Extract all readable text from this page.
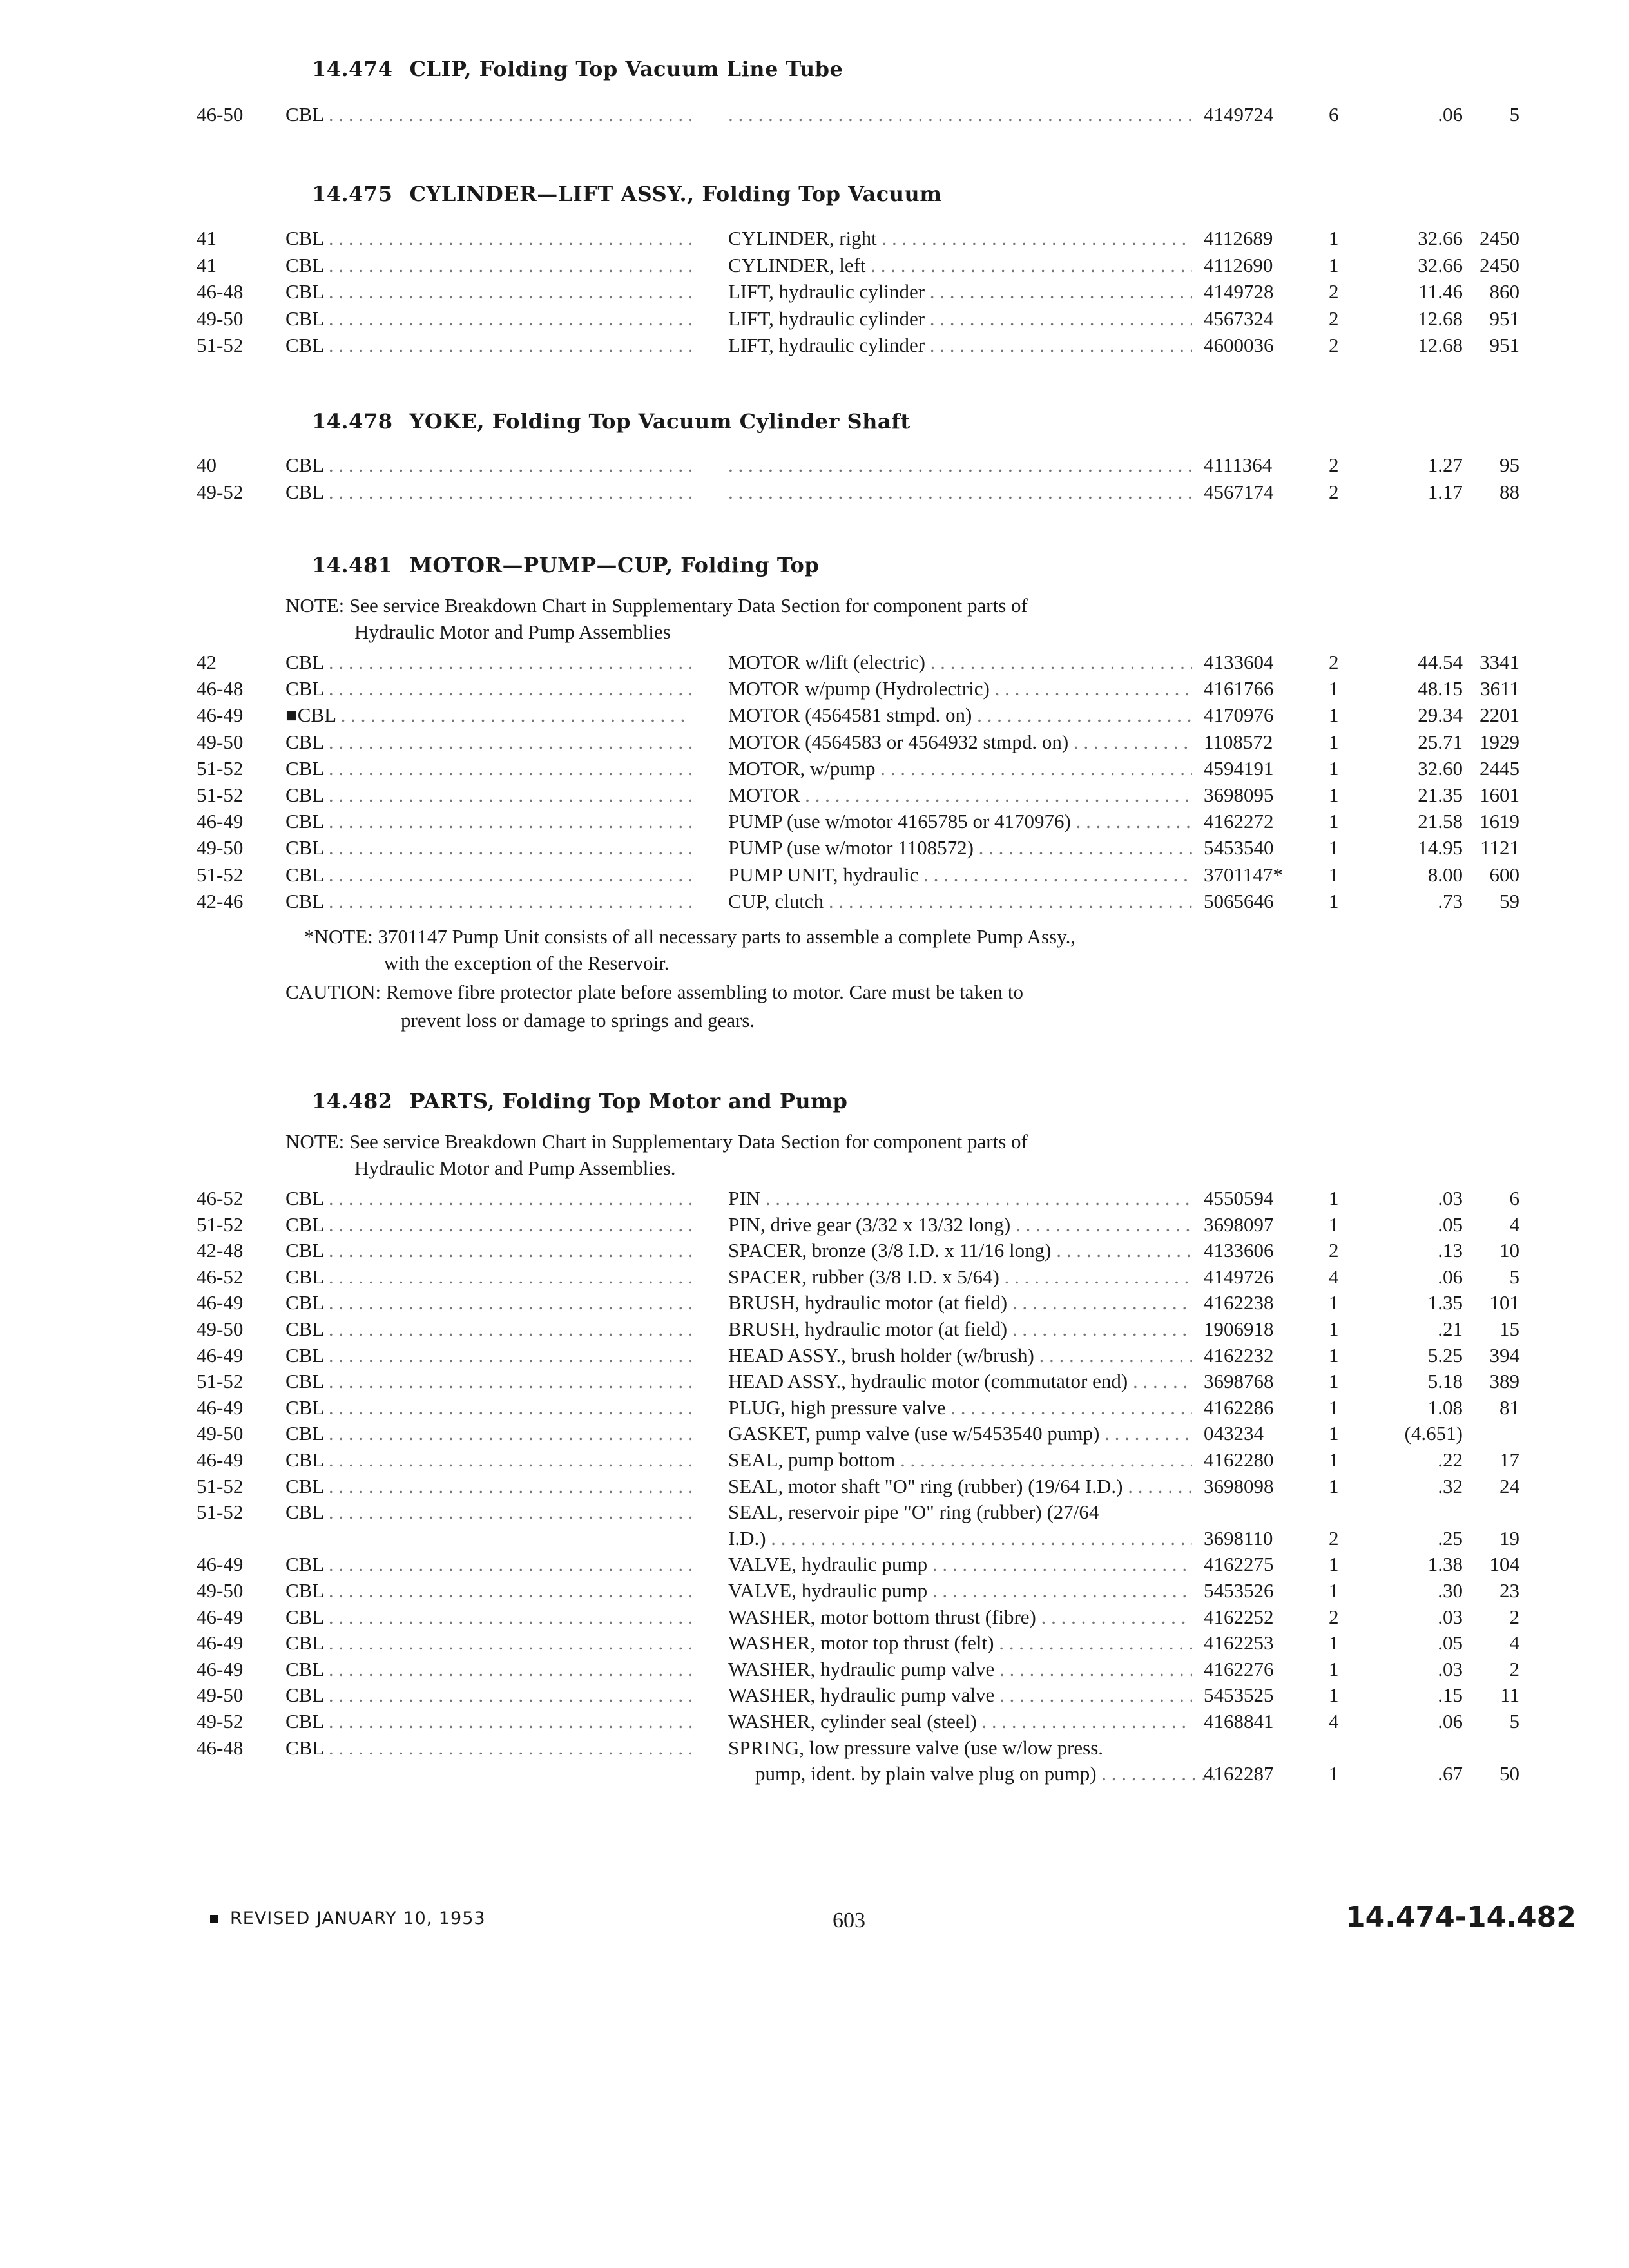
14.474 CLIP, Folding Top Vacuum Line Tube
46-50 CBL . . . . . .	4149724	6	.06	5
14.475 CYLINDER—LIFT ASSY., Folding Top Vacuum
41	CBL . . .	CYLINDER, right . . .	4112689	1	32.66 2450
41	CBL . . .	CYLINDER, left . . .	4112690	1	32.66 2450
46-48 CBL . . .	LIFT, hydraulic cylinder . . .	4149728	2	11.46	860
49-50 CBL . . .	LIFT, hydraulic cylinder . . .	4567324	2	12.68	951
51-52 CBL . . .	LIFT, hydraulic cylinder . . .	4600036	2	12.68	951
14.478 YOKE, Folding Top Vacuum Cylinder Shaft
40	CBL . . . . . .	4111364	2	1.27	95
49-52 CBL . . . . . .	4567174	2	1.17	88
14.481 MOTOR—PUMP—CUP, Folding Top
NOTE: See service Breakdown Chart in Supplementary Data Section for component parts of
Hydraulic Motor and Pump Assemblies
42	CBL . . .	MOTOR w/lift (electric) . . .	4133604	2	44.54 3341
46-48 CBL . . .	MOTOR w/pump (Hydrolectric) . . .	4161766	1	48.15 3611
46-49 ■CBL . . .	MOTOR (4564581 stmpd. on) . . .	4170976	1	29.34 2201
49-50 CBL . . .	MOTOR (4564583 or 4564932 stmpd. on) . . .	1108572	1	25.71 1929
51-52 CBL . . .	MOTOR, w/pump . . .	4594191	1	32.60 2445
51-52 CBL . . .	MOTOR . . .	3698095	1	21.35 1601
46-49 CBL . . .	PUMP (use w/motor 4165785 or 4170976) . . .	4162272	1	21.58 1619
49-50 CBL . . .	PUMP (use w/motor 1108572) . . .	5453540	1	14.95 1121
51-52 CBL . . .	PUMP UNIT, hydraulic . . .	3701147* 1	8.00	600
42-46 CBL . . .	CUP, clutch . . .	5065646	1	.73	59
*NOTE: 3701147 Pump Unit consists of all necessary parts to assemble a complete Pump Assy.,
with the exception of the Reservoir.
CAUTION: Remove fibre protector plate before assembling to motor. Care must be taken to
prevent loss or damage to springs and gears.
14.482 PARTS, Folding Top Motor and Pump
NOTE: See service Breakdown Chart in Supplementary Data Section for component parts of
Hydraulic Motor and Pump Assemblies.
46-52 CBL . . .	PIN . . .	4550594	1	.03	6
51-52 CBL . . .	PIN, drive gear (3/32 x 13/32 long) . . .	3698097	1	.05	4
42-48 CBL . . .	SPACER, bronze (3/8 I.D. x 11/16 long) . . .	4133606	2	.13	10
46-52 CBL . . .	SPACER, rubber (3/8 I.D. x 5/64) . . .	4149726	4	.06	5
46-49 CBL . . .	BRUSH, hydraulic motor (at field) . . .	4162238	1	1.35	101
49-50 CBL . . .	BRUSH, hydraulic motor (at field) . . .	1906918	1	.21	15
46-49 CBL . . .	HEAD ASSY., brush holder (w/brush) . . .	4162232	1	5.25	394
51-52 CBL . . .	HEAD ASSY., hydraulic motor (commutator end) . . .	3698768	1	5.18	389
46-49 CBL . . .	PLUG, high pressure valve . . .	4162286	1	1.08	81
49-50 CBL . . .	GASKET, pump valve (use w/5453540 pump) . . .	043234	1	(4.651)
46-49 CBL . . .	SEAL, pump bottom . . .	4162280	1	.22	17
51-52 CBL . . .	SEAL, motor shaft "O" ring (rubber) (19/64 I.D.) . . .	3698098	1	.32	24
51-52 CBL . . .	SEAL, reservoir pipe "O" ring (rubber) (27/64
I.D.) . . .	3698110	2	.25	19
46-49 CBL . . .	VALVE, hydraulic pump . . .	4162275	1	1.38	104
49-50 CBL . . .	VALVE, hydraulic pump . . .	5453526	1	.30	23
46-49 CBL . . .	WASHER, motor bottom thrust (fibre) . . .	4162252	2	.03	2
46-49 CBL . . .	WASHER, motor top thrust (felt) . . .	4162253	1	.05	4
46-49 CBL . . .	WASHER, hydraulic pump valve . . .	4162276	1	.03	2
49-50 CBL . . .	WASHER, hydraulic pump valve . . .	5453525	1	.15	11
49-52 CBL . . .	WASHER, cylinder seal (steel) . . .	4168841	4	.06	5
46-48 CBL . . .	SPRING, low pressure valve (use w/low press.
pump, ident. by plain valve plug on pump) . . .	4162287	1	.67	50
REVISED JANUARY 10, 1953	603	14.474-14.482
